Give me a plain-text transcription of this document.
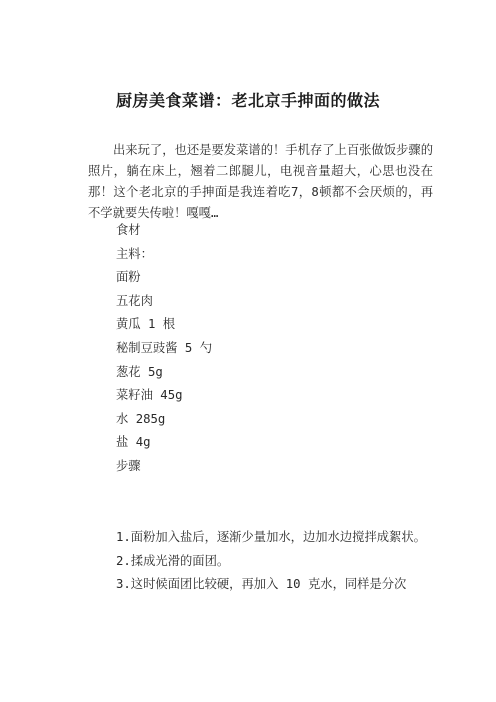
厨房美食菜谱：老北京手抻面的做法

出来玩了，也还是要发菜谱的！手机存了上百张做饭步骤的照片，躺在床上，翘着二郎腿儿，电视音量超大，心思也没在那！这个老北京的手抻面是我连着吃7，8顿都不会厌烦的，再不学就要失传啦！嘎嘎…

食材
主料：
面粉
五花肉
黄瓜 1 根
秘制豆豉酱 5 勺
葱花 5g
菜籽油 45g
水 285g
盐 4g
步骤
1.面粉加入盐后，逐渐少量加水，边加水边搅拌成絮状。
2.揉成光滑的面团。
3.这时候面团比较硬，再加入 10 克水，同样是分次
